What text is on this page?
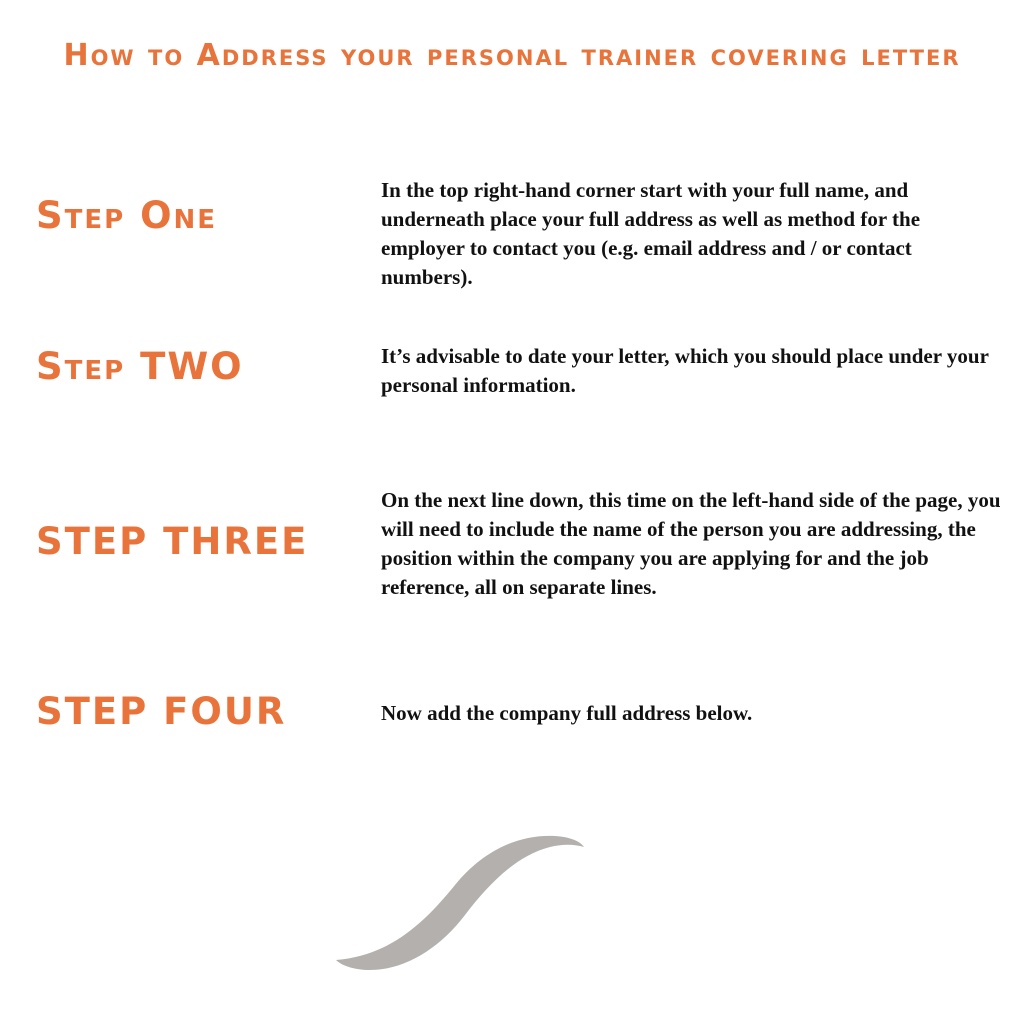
How to Address your personal trainer covering letter
Step One

In the top right-hand corner start with your full name, and underneath place your full address as well as method for the employer to contact you (e.g. email address and / or contact numbers).

Step TWO	It’s advisable to date your letter, which you should place under your personal information.

STEP THREE

On the next line down, this time on the left-hand side of the page, you will need to include the name of the person you are addressing, the position within the company you are applying for and the job reference, all on separate lines.

STEP FOUR	Now add the company full address below.
